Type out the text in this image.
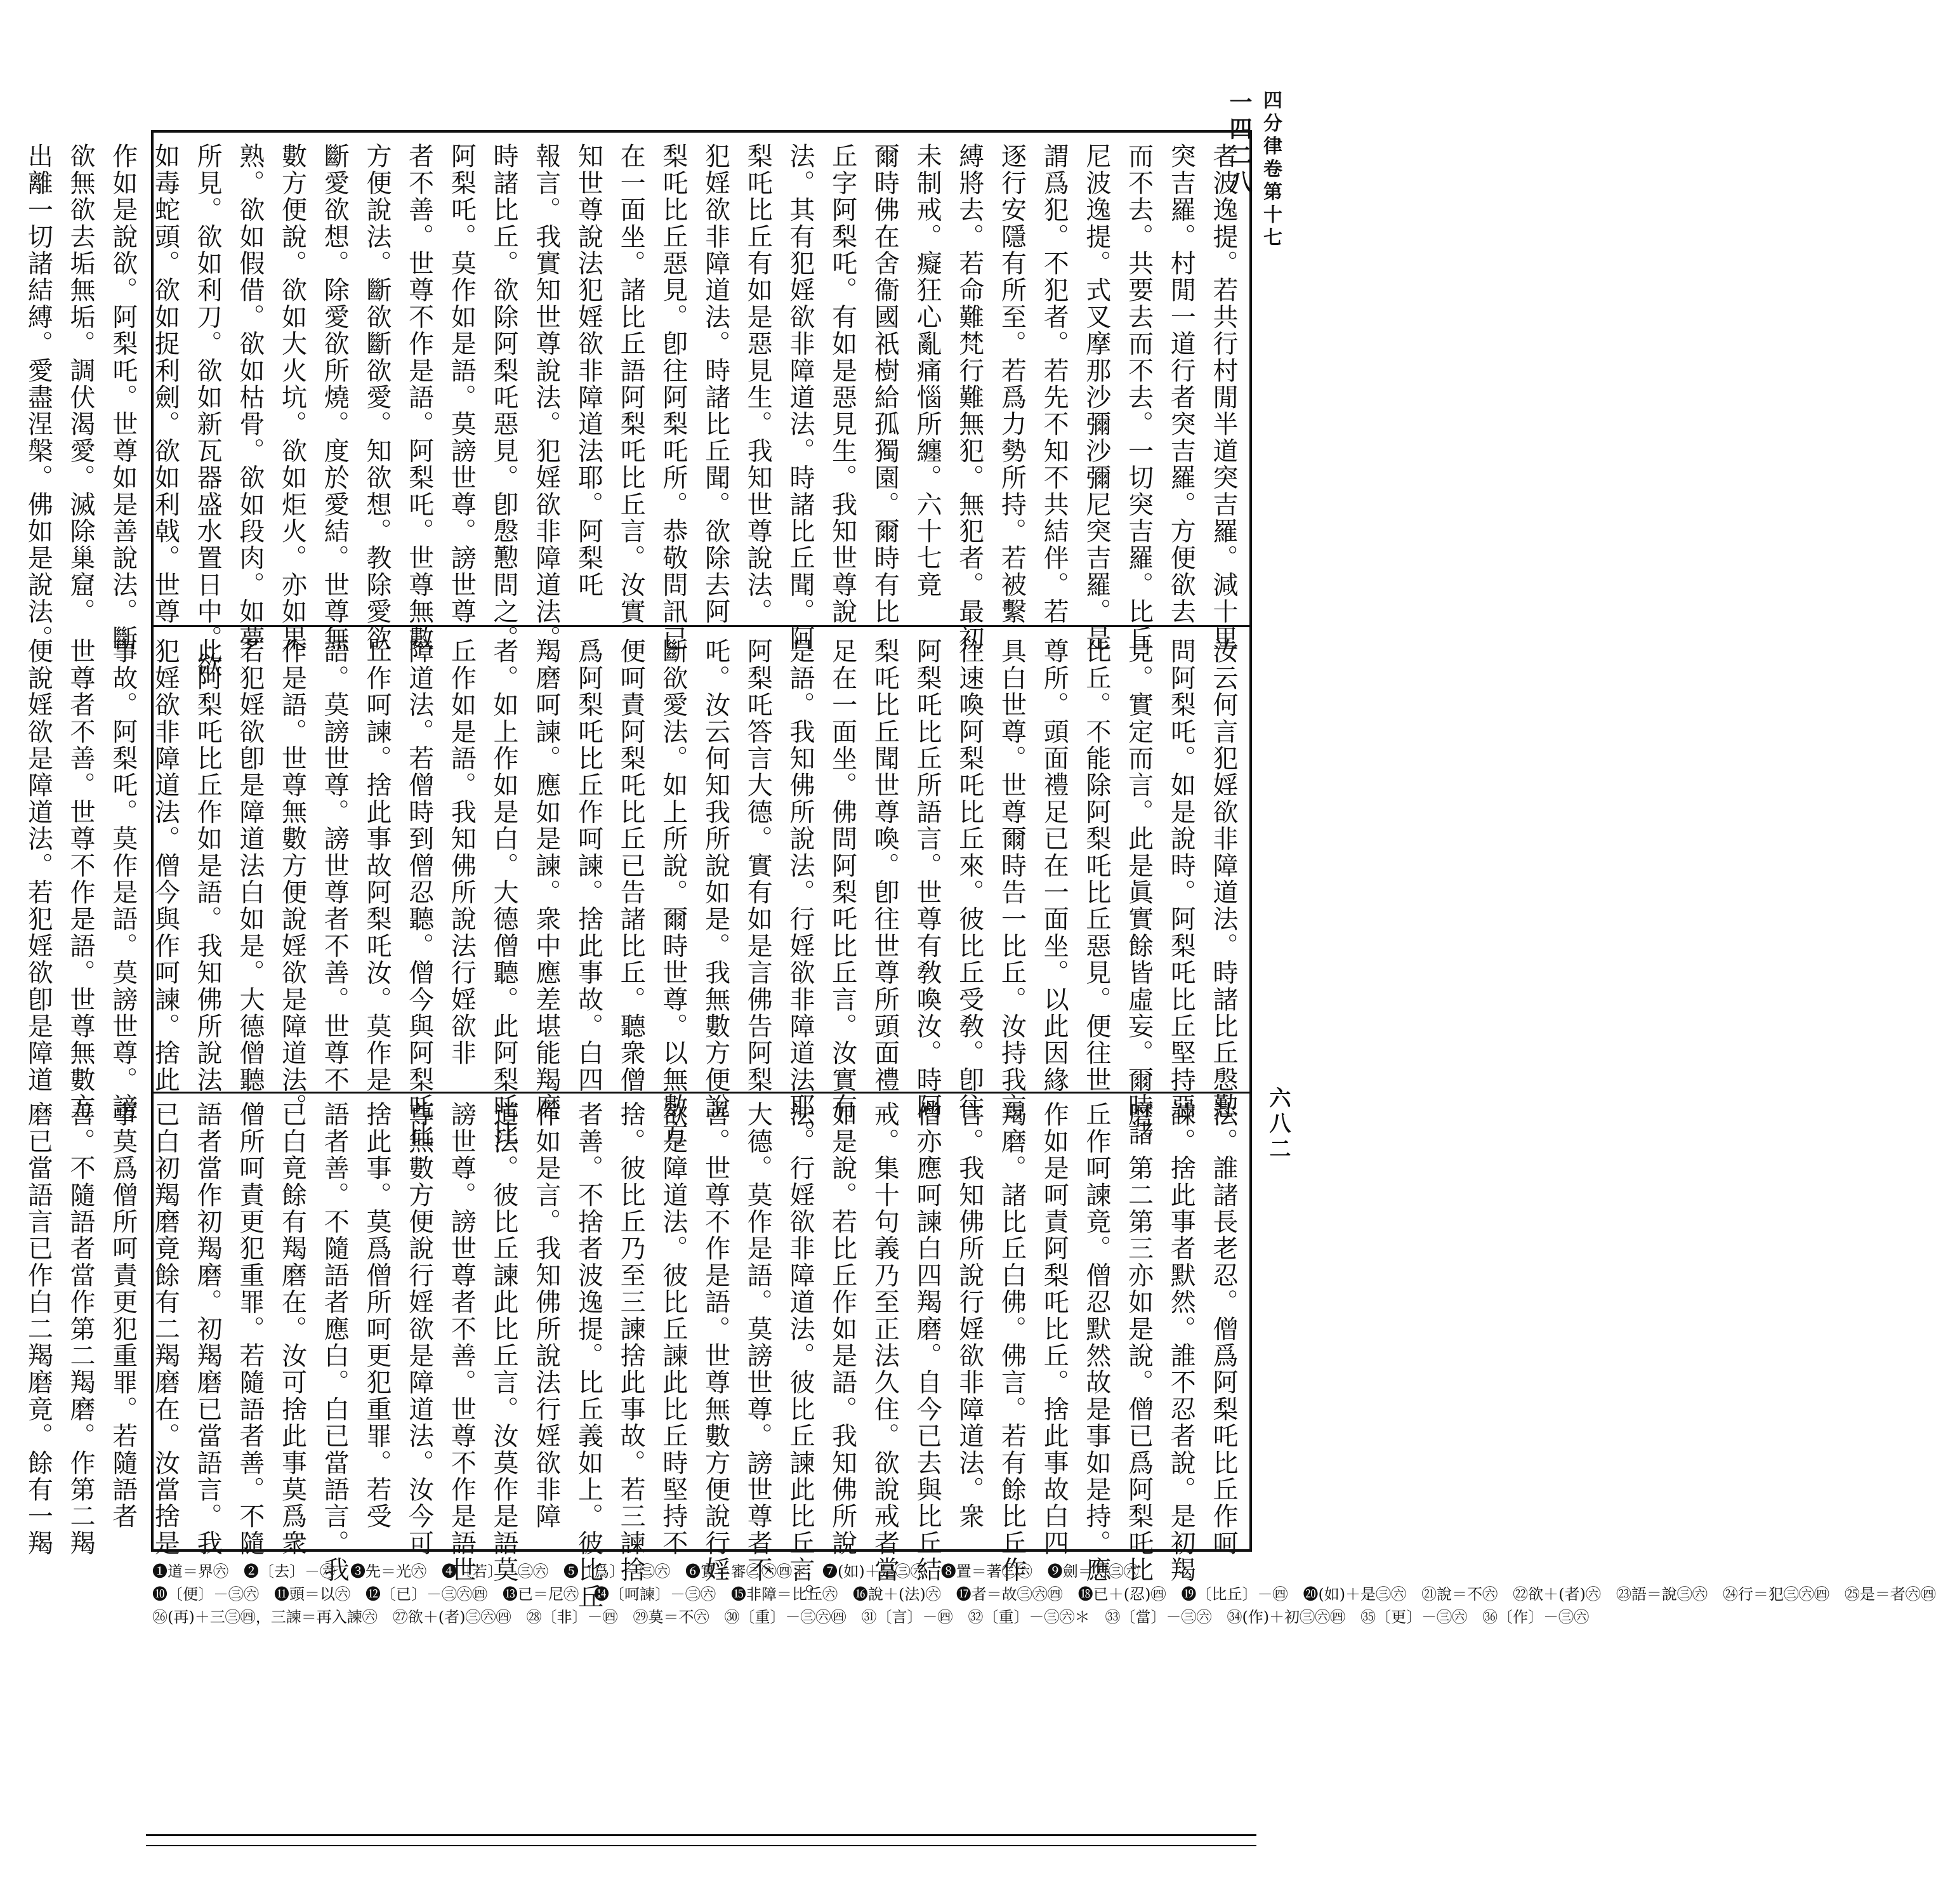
一四二八 四分律卷第十七
六八二
者波逸提。若共行村閒半道突吉羅。減十里
突吉羅。村閒一道行者突吉羅。方便欲去
而不去。共要去而不去。一切突吉羅。比丘
尼波逸提。式叉摩那沙彌沙彌尼突吉羅。是
謂爲犯。不犯者。若先不知不共結伴。若
逐行安隱有所至。若爲力勢所持。若被繫
縛將去。若命難梵行難無犯。無犯者。最初
未制戒。癡狂心亂痛惱所纏。六十七竟
爾時佛在舍衞國祇樹給孤獨園。爾時有比
丘字阿梨吒。有如是惡見生。我知世尊說
法。其有犯婬欲非障道法。時諸比丘聞。阿
梨吒比丘有如是惡見生。我知世尊說法。
犯婬欲非障道法。時諸比丘聞。欲除去阿
梨吒比丘惡見。卽往阿梨吒所。恭敬問訊已
在一面坐。諸比丘語阿梨吒比丘言。汝實
知世尊說法犯婬欲非障道法耶。阿梨吒
報言。我實知世尊說法。犯婬欲非障道法。
時諸比丘。欲除阿梨吒惡見。卽慇懃問之。
阿梨吒。莫作如是語。莫謗世尊。謗世尊
者不善。世尊不作是語。阿梨吒。世尊無數
方便說法。斷欲斷欲愛。知欲想。教除愛欲
斷愛欲想。除愛欲所燒。度於愛結。世尊無
數方便說。欲如大火坑。欲如炬火。亦如果
熟。欲如假借。欲如枯骨。欲如段肉。如夢
所見。欲如利刀。欲如新瓦器盛水置日中。欲
如毒蛇頭。欲如捉利劍。欲如利戟。世尊
作如是說欲。阿梨吒。世尊如是善說法。斷
欲無欲去垢無垢。調伏渴愛。滅除巢窟。
出離一切諸結縛。愛盡涅槃。佛如是說法。
汝云何言犯婬欲非障道法。時諸比丘慇懃
問阿梨吒。如是說時。阿梨吒比丘堅持惡
見。實定而言。此是眞實餘皆虛妄。爾時諸
比丘。不能除阿梨吒比丘惡見。便往世
尊所。頭面禮足已在一面坐。以此因緣
具白世尊。世尊爾時告一比丘。汝持我言
往速喚阿梨吒比丘來。彼比丘受敎。卽往
阿梨吒比丘所語言。世尊有敎喚汝。時阿
梨吒比丘聞世尊喚。卽往世尊所頭面禮
足在一面坐。佛問阿梨吒比丘言。汝實有
是語。我知佛所說法。行婬欲非障道法耶。
阿梨吒答言大德。實有如是言佛告阿梨
吒。汝云何知我所說如是。我無數方便說
斷欲愛法。如上所說。爾時世尊。以無數方
便呵責阿梨吒比丘已告諸比丘。聽衆僧
爲阿梨吒比丘作呵諫。捨此事故。白四
羯磨呵諫。應如是諫。衆中應差堪能羯磨
者。如上作如是白。大德僧聽。此阿梨吒比
丘作如是語。我知佛所說法行婬欲非
障道法。若僧時到僧忍聽。僧今與阿梨吒比
丘作呵諫。捨此事故阿梨吒汝。莫作是
語。莫謗世尊。謗世尊者不善。世尊不
作是語。世尊無數方便說婬欲是障道法。
若犯婬欲卽是障道法白如是。大德僧聽
此阿梨吒比丘作如是語。我知佛所說法
犯婬欲非障道法。僧今與作呵諫。捨此
事故。阿梨吒。莫作是語。莫謗世尊。謗
世尊者不善。世尊不作是語。世尊無數方
便說婬欲是障道法。若犯婬欲卽是障道
法。誰諸長老忍。僧爲阿梨吒比丘作呵
諫。捨此事者默然。誰不忍者說。是初羯
磨。第二第三亦如是說。僧已爲阿梨吒比
丘作呵諫竟。僧忍默然故是事如是持。應
作如是呵責阿梨吒比丘。捨此事故白四
羯磨。諸比丘白佛。佛言。若有餘比丘作
言。我知佛所說行婬欲非障道法。衆
僧亦應呵諫白四羯磨。自今已去與比丘結
戒。集十句義乃至正法久住。欲說戒者當
如是說。若比丘作如是語。我知佛所說
法。行婬欲非障道法。彼比丘諫此比丘言。
大德。莫作是語。莫謗世尊。謗世尊者不
善。世尊不作是語。世尊無數方便說行婬
欲是障道法。彼比丘諫此比丘時堅持不
捨。彼比丘乃至三諫捨此事故。若三諫捨
者善。不捨者波逸提。比丘義如上。彼比丘
作如是言。我知佛所說法行婬欲非障
道法。彼比丘諫此比丘言。汝莫作是語莫
謗世尊。謗世尊者不善。世尊不作是語世
尊無數方便說行婬欲是障道法。汝今可
捨此事。莫爲僧所呵更犯重罪。若受
語者善。不隨語者應白。白已當語言。我
已白竟餘有羯磨在。汝可捨此事莫爲衆
僧所呵責更犯重罪。若隨語者善。不隨
語者當作初羯磨。初羯磨已當語言。我
已白初羯磨竟餘有二羯磨在。汝當捨是
事莫爲僧所呵責更犯重罪。若隨語者
善。不隨語者當作第二羯磨。作第二羯
磨已當語言已作白二羯磨竟。餘有一羯
❶道＝界㊅　❷〔去〕－㊅　❸先＝光㊅　❹〔若〕－㊂㊅　❺〔爲〕－㊂㊅　❻實＝審㊂㊅㊃＊　❼(如)＋是㊂㊅　❽置＝著㊂㊅　❾劍＝刀㊂㊅
❿〔便〕－㊂㊅　⓫頭＝以㊅　⓬〔已〕－㊂㊅㊃　⓭已＝尼㊅　⓮〔呵諫〕－㊂㊅　⓯非障＝比丘㊅　⓰說＋(法)㊅　⓱者＝故㊂㊅㊃　⓲已＋(忍)㊃　⓳〔比丘〕－㊃　⓴(如)＋是㊂㊅　㉑說＝不㊅　㉒欲＋(者)㊅　㉓語＝說㊂㊅　㉔行＝犯㊂㊅㊃　㉕是＝者㊅㊃
㉖(再)＋三㊂㊃，三諫＝再入諫㊅　㉗欲＋(者)㊂㊅㊃　㉘〔非〕－㊃　㉙莫＝不㊅　㉚〔重〕－㊂㊅㊃　㉛〔言〕－㊃　㉜〔重〕－㊂㊅＊　㉝〔當〕－㊂㊅　㉞(作)＋初㊂㊅㊃　㉟〔更〕－㊂㊅　㊱〔作〕－㊂㊅
